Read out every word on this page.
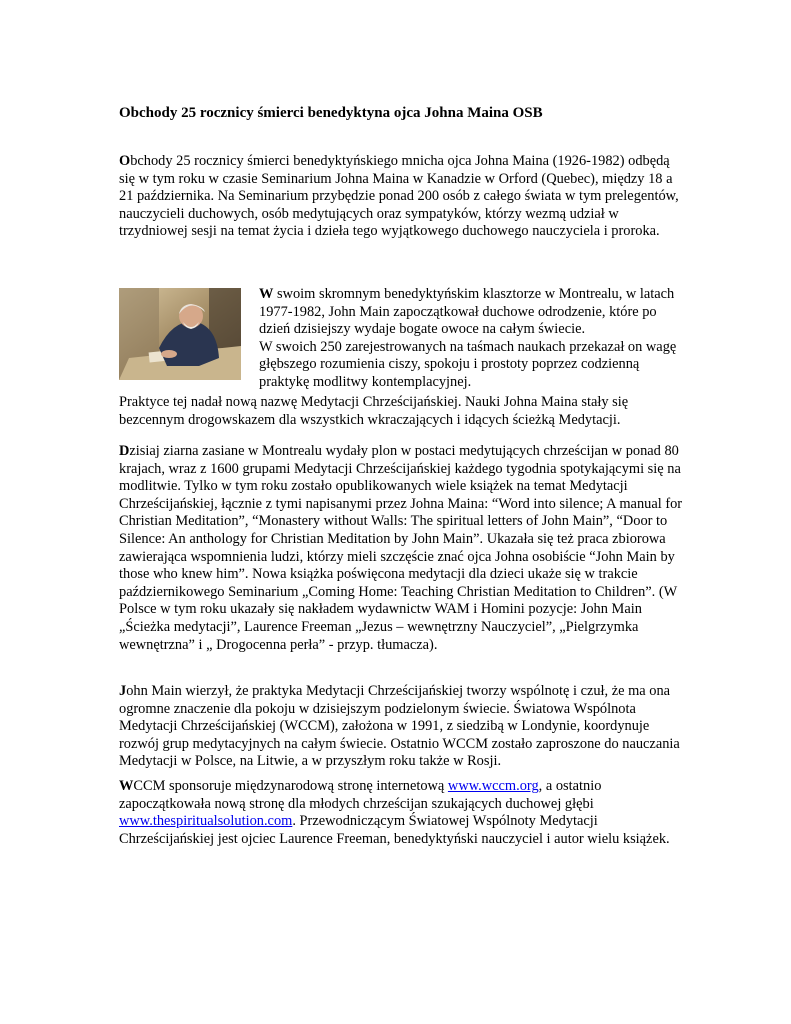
Obchody 25 rocznicy śmierci benedyktyna ojca Johna Maina OSB

Obchody 25 rocznicy śmierci benedyktyńskiego mnicha ojca Johna Maina (1926-1982) odbędą się w tym roku w czasie Seminarium Johna Maina w Kanadzie w Orford (Quebec), między 18 a 21 października. Na Seminarium przybędzie ponad 200 osób z całego świata w tym prelegentów, nauczycieli duchowych, osób medytujących oraz sympatyków, którzy wezmą udział w trzydniowej sesji na temat życia i dzieła tego wyjątkowego duchowego nauczyciela i proroka.

W swoim skromnym benedyktyńskim klasztorze w Montrealu, w latach
1977-1982, John Main zapoczątkował duchowe odrodzenie, które po
dzień dzisiejszy wydaje bogate owoce na całym świecie.
W swoich 250 zarejestrowanych na taśmach naukach przekazał on wagę
głębszego rozumienia ciszy, spokoju i prostoty poprzez codzienną
praktykę modlitwy kontemplacyjnej.

Praktyce tej nadał nową nazwę Medytacji Chrześcijańskiej. Nauki Johna Maina stały się bezcennym drogowskazem dla wszystkich wkraczających i idących ścieżką Medytacji.

Dzisiaj ziarna zasiane w Montrealu wydały plon w postaci medytujących chrześcijan w ponad 80 krajach, wraz z 1600 grupami Medytacji Chrześcijańskiej każdego tygodnia spotykającymi się na modlitwie. Tylko w tym roku zostało opublikowanych wiele książek na temat Medytacji Chrześcijańskiej, łącznie z tymi napisanymi przez Johna Maina: “Word into silence; A manual for Christian Meditation”, “Monastery without Walls: The spiritual letters of John Main”, “Door to Silence: An anthology for Christian Meditation by John Main”. Ukazała się też praca zbiorowa zawierająca wspomnienia ludzi, którzy mieli szczęście znać ojca Johna osobiście “John Main by those who knew him”. Nowa książka poświęcona medytacji dla dzieci ukaże się w trakcie październikowego Seminarium „Coming Home: Teaching Christian Meditation to Children”. (W Polsce w tym roku ukazały się nakładem wydawnictw WAM i Homini pozycje: John Main „Ścieżka medytacji”, Laurence Freeman „Jezus – wewnętrzny Nauczyciel”, „Pielgrzymka wewnętrzna” i „ Drogocenna perła” - przyp. tłumacza).

John Main wierzył, że praktyka Medytacji Chrześcijańskiej tworzy wspólnotę i czuł, że ma ona ogromne znaczenie dla pokoju w dzisiejszym podzielonym świecie. Światowa Wspólnota Medytacji Chrześcijańskiej (WCCM), założona w 1991, z siedzibą w Londynie, koordynuje rozwój grup medytacyjnych na całym świecie. Ostatnio WCCM zostało zaproszone do nauczania Medytacji w Polsce, na Litwie, a w przyszłym roku także w Rosji.

WCCM sponsoruje międzynarodową stronę internetową www.wccm.org, a ostatnio zapoczątkowała nową stronę dla młodych chrześcijan szukających duchowej głębi www.thespiritualsolution.com. Przewodniczącym Światowej Wspólnoty Medytacji Chrześcijańskiej jest ojciec Laurence Freeman, benedyktyński nauczyciel i autor wielu książek.
